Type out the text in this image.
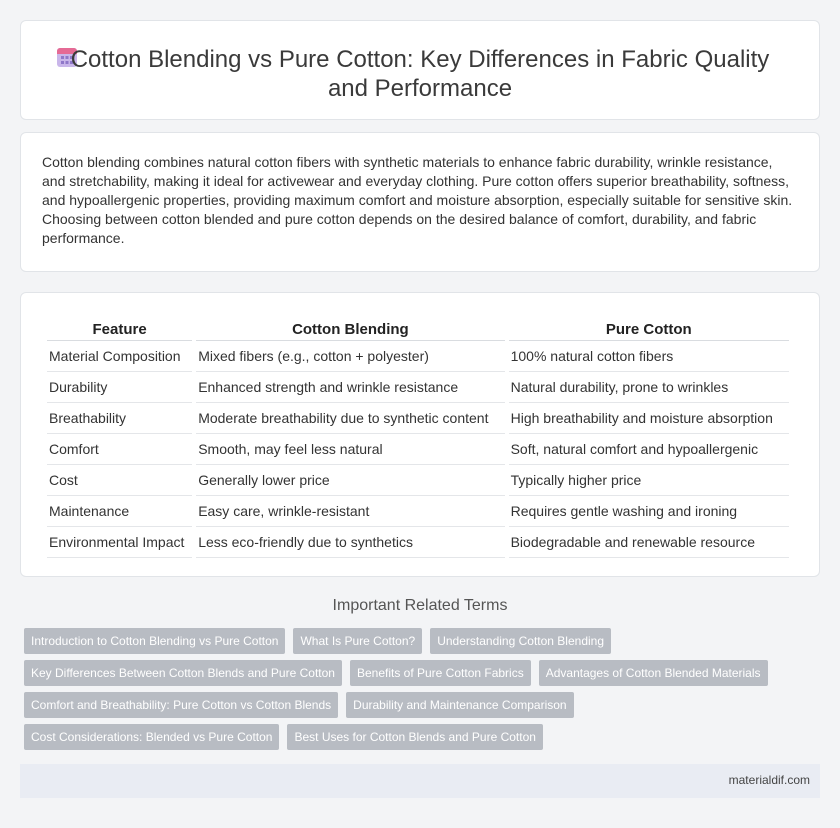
Cotton Blending vs Pure Cotton: Key Differences in Fabric Quality and Performance

Cotton blending combines natural cotton fibers with synthetic materials to enhance fabric durability, wrinkle resistance, and stretchability, making it ideal for activewear and everyday clothing. Pure cotton offers superior breathability, softness, and hypoallergenic properties, providing maximum comfort and moisture absorption, especially suitable for sensitive skin. Choosing between cotton blended and pure cotton depends on the desired balance of comfort, durability, and fabric performance.

Feature	Cotton Blending	Pure Cotton
Material Composition	Mixed fibers (e.g., cotton + polyester)	100% natural cotton fibers
Durability	Enhanced strength and wrinkle resistance	Natural durability, prone to wrinkles
Breathability	Moderate breathability due to synthetic content	High breathability and moisture absorption
Comfort	Smooth, may feel less natural	Soft, natural comfort and hypoallergenic
Cost	Generally lower price	Typically higher price
Maintenance	Easy care, wrinkle-resistant	Requires gentle washing and ironing
Environmental Impact	Less eco-friendly due to synthetics	Biodegradable and renewable resource
Important Related Terms
Introduction to Cotton Blending vs Pure Cotton	What Is Pure Cotton?	Understanding Cotton Blending
Key Differences Between Cotton Blends and Pure Cotton	Benefits of Pure Cotton Fabrics	Advantages of Cotton Blended Materials
Comfort and Breathability: Pure Cotton vs Cotton Blends	Durability and Maintenance Comparison
Cost Considerations: Blended vs Pure Cotton	Best Uses for Cotton Blends and Pure Cotton
materialdif.com
